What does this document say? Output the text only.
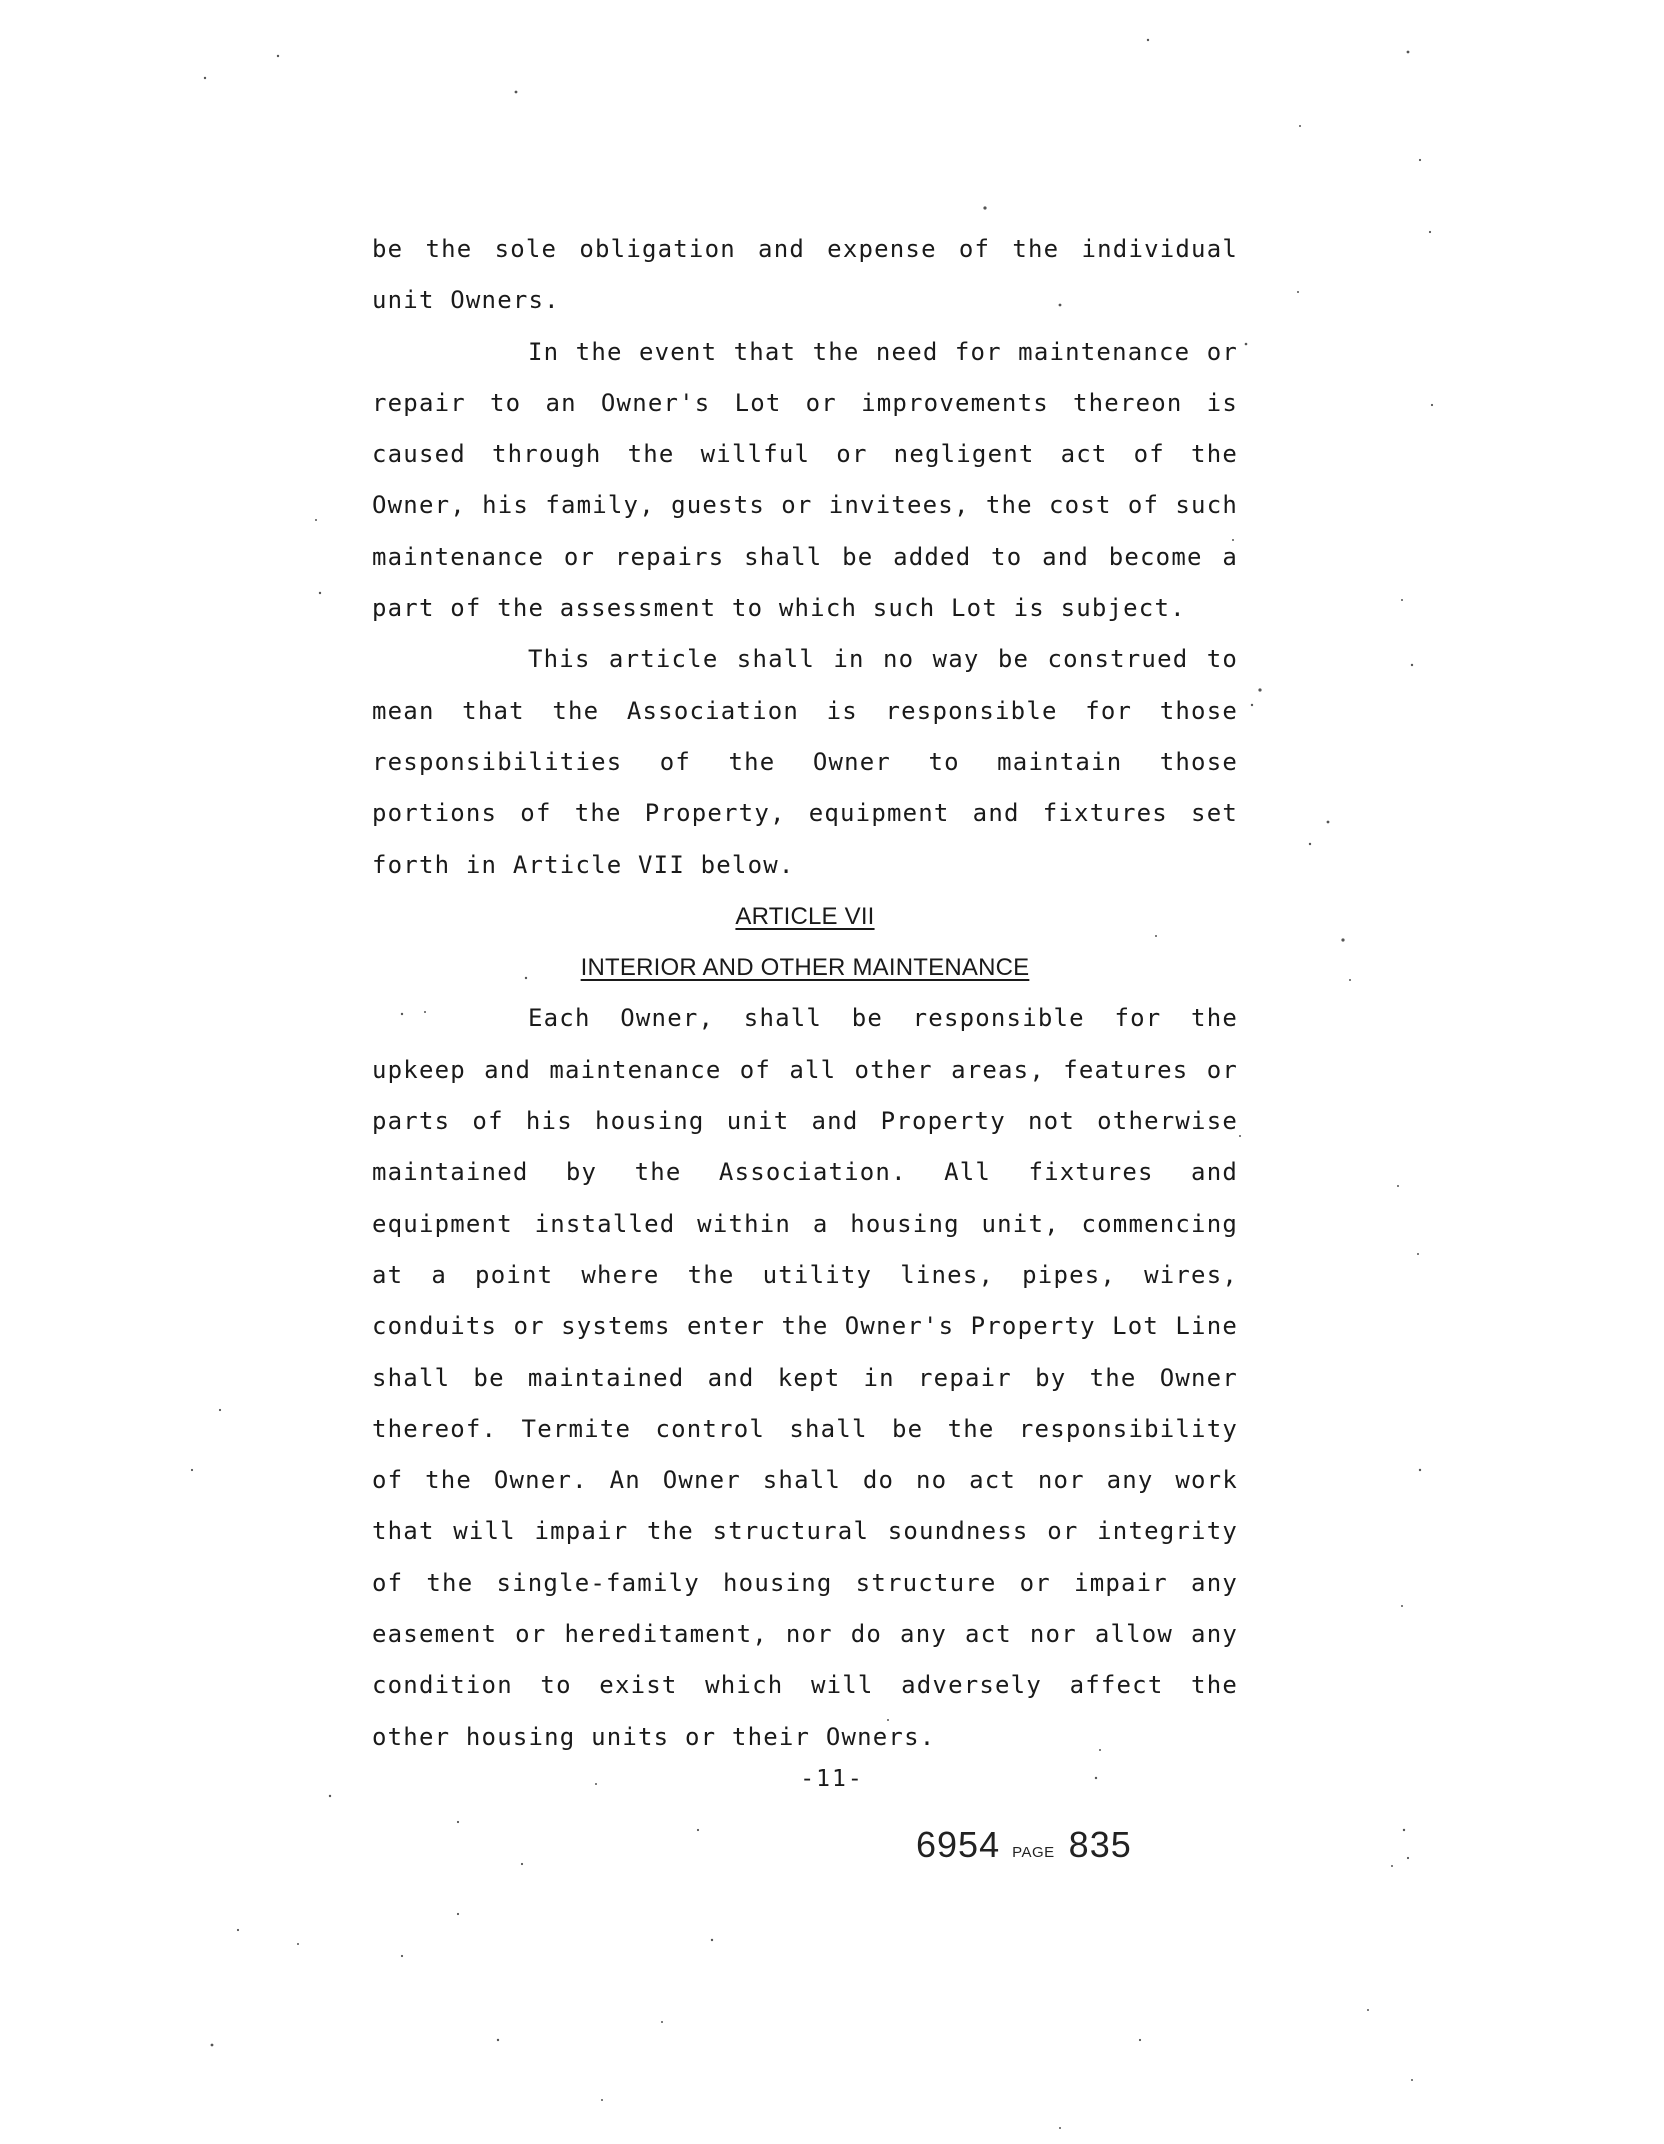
be the sole obligation and expense of the individual
unit Owners.
In the event that the need for maintenance or
repair to an Owner's Lot or improvements thereon is
caused through the willful or negligent act of the
Owner, his family, guests or invitees, the cost of such
maintenance or repairs shall be added to and become a
part of the assessment to which such Lot is subject.
This article shall in no way be construed to
mean that the Association is responsible for those
responsibilities of the Owner to maintain those
portions of the Property, equipment and fixtures set
forth in Article VII below.
ARTICLE VII
INTERIOR AND OTHER MAINTENANCE
Each Owner, shall be responsible for the
upkeep and maintenance of all other areas, features or
parts of his housing unit and Property not otherwise
maintained by the Association. All fixtures and
equipment installed within a housing unit, commencing
at a point where the utility lines, pipes, wires,
conduits or systems enter the Owner's Property Lot Line
shall be maintained and kept in repair by the Owner
thereof. Termite control shall be the responsibility
of the Owner. An Owner shall do no act nor any work
that will impair the structural soundness or integrity
of the single-family housing structure or impair any
easement or hereditament, nor do any act nor allow any
condition to exist which will adversely affect the
other housing units or their Owners.
-11-
6954 PAGE 835
